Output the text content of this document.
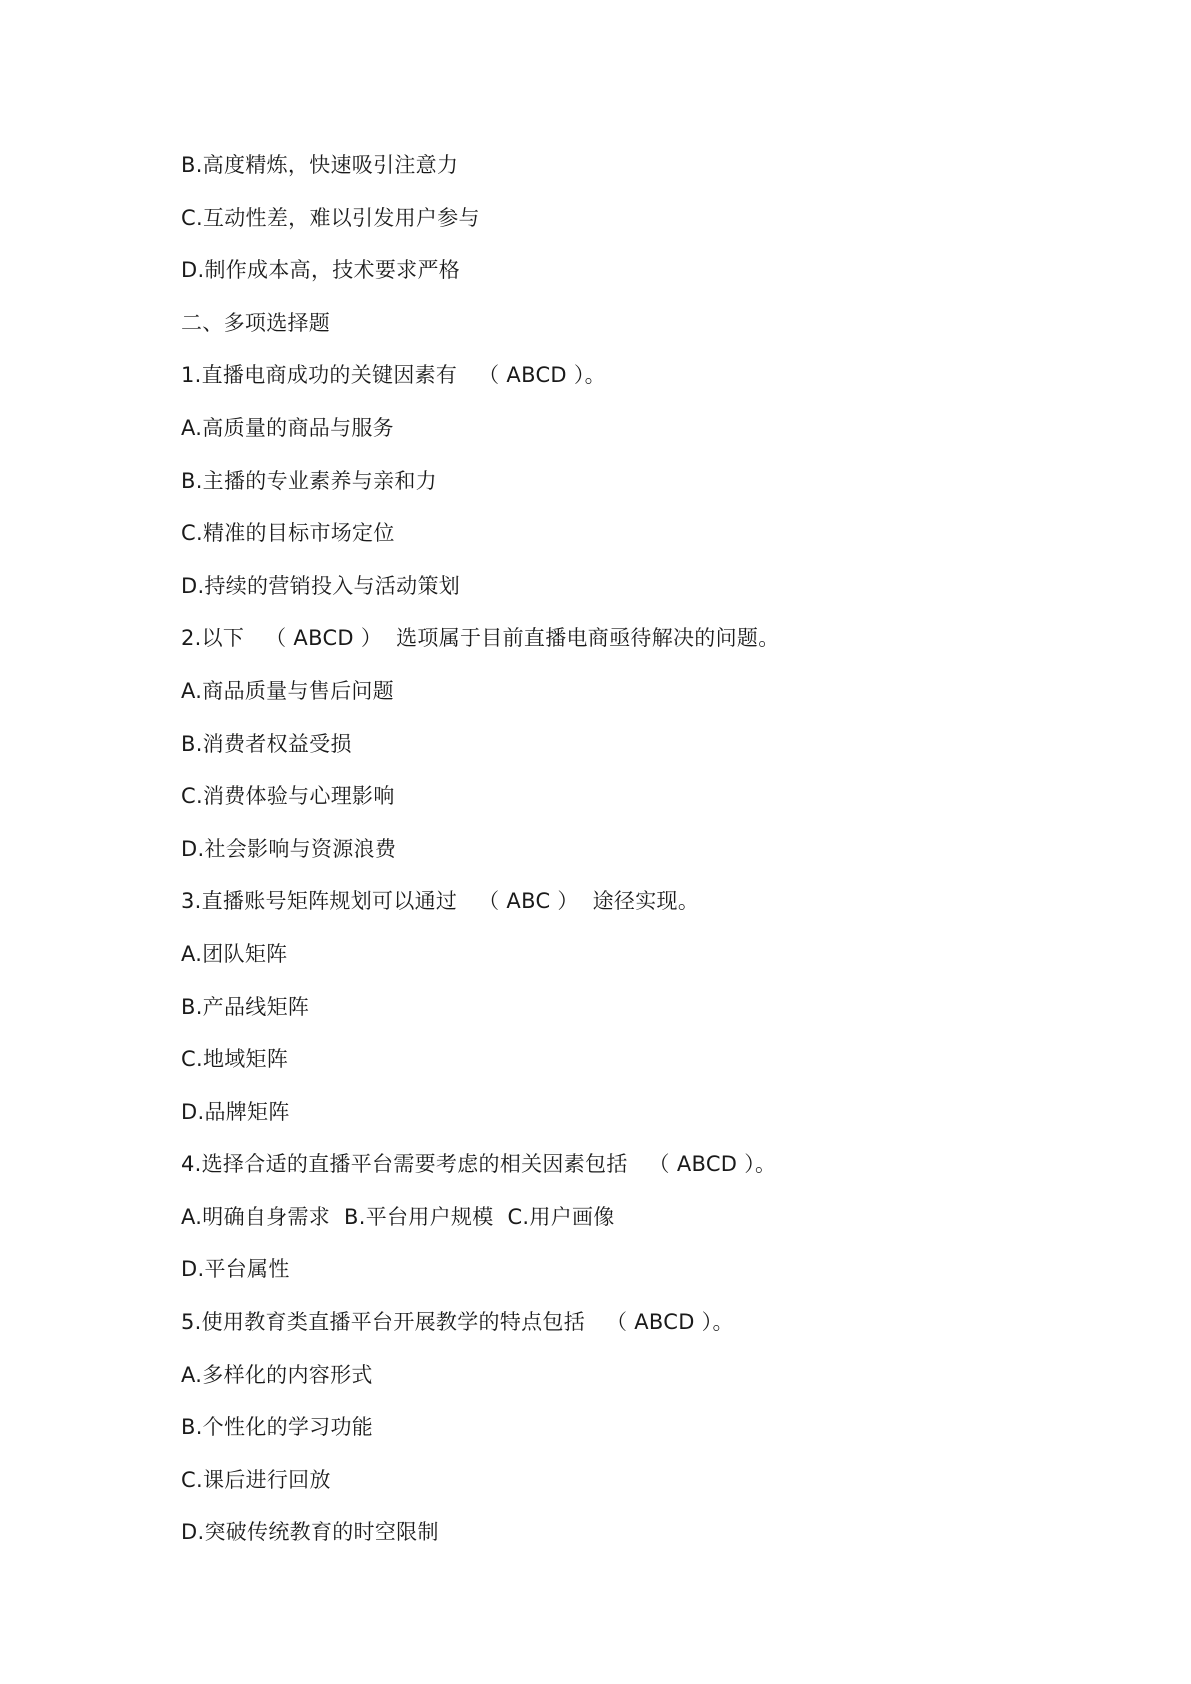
B.高度精炼，快速吸引注意力
C.互动性差，难以引发用户参与
D.制作成本高，技术要求严格
二、多项选择题
1.直播电商成功的关键因素有   （ ABCD ）。
A.高质量的商品与服务
B.主播的专业素养与亲和力
C.精准的目标市场定位
D.持续的营销投入与活动策划
2.以下   （ ABCD ）  选项属于目前直播电商亟待解决的问题。
A.商品质量与售后问题
B.消费者权益受损
C.消费体验与心理影响
D.社会影响与资源浪费
3.直播账号矩阵规划可以通过   （ ABC ）  途径实现。
A.团队矩阵
B.产品线矩阵
C.地域矩阵
D.品牌矩阵
4.选择合适的直播平台需要考虑的相关因素包括   （ ABCD ）。
A.明确自身需求  B.平台用户规模  C.用户画像
D.平台属性
5.使用教育类直播平台开展教学的特点包括   （ ABCD ）。
A.多样化的内容形式
B.个性化的学习功能
C.课后进行回放
D.突破传统教育的时空限制
